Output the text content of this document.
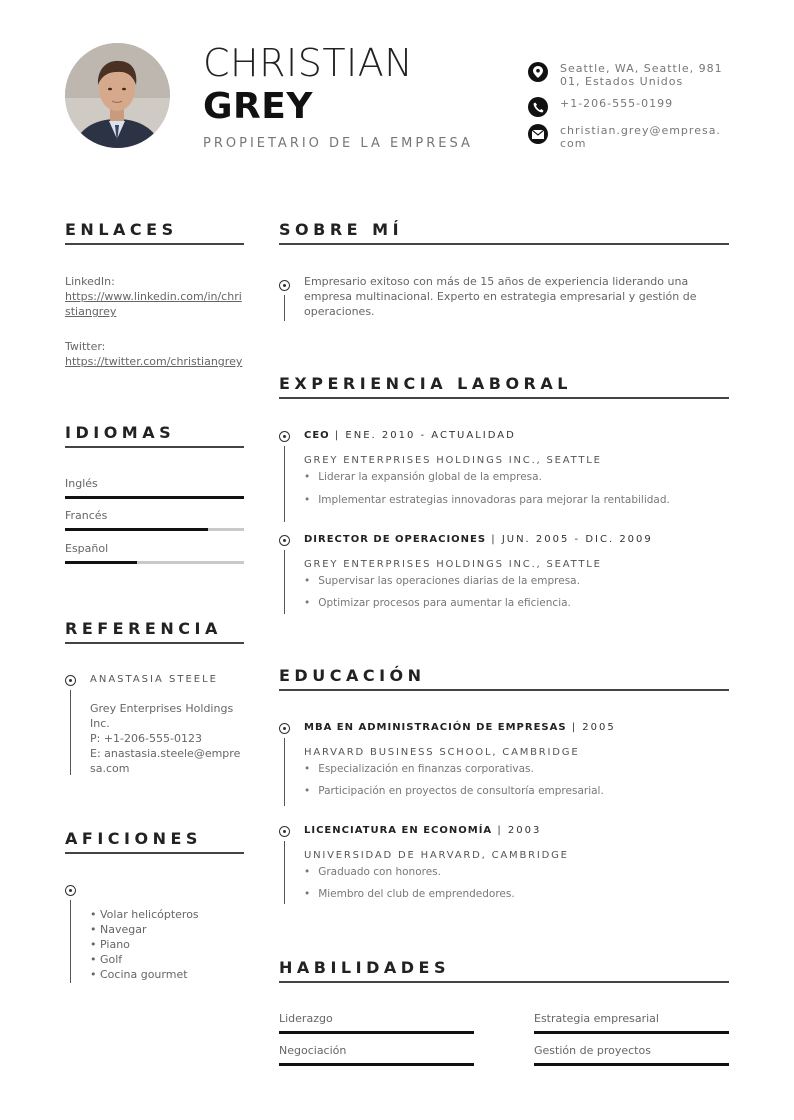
CHRISTIAN
GREY
PROPIETARIO DE LA EMPRESA
Seattle, WA, Seattle, 98101, Estados Unidos
+1-206-555-0199
christian.grey@empresa.com
ENLACES
LinkedIn:
https://www.linkedin.com/in/christiangrey
Twitter:
https://twitter.com/christiangrey
IDIOMAS
Inglés
Francés
Español
REFERENCIA
ANASTASIA STEELE
Grey Enterprises Holdings Inc.
P: +1-206-555-0123
E: anastasia.steele@empresa.com
AFICIONES
• Volar helicópteros
• Navegar
• Piano
• Golf
• Cocina gourmet
SOBRE MÍ
Empresario exitoso con más de 15 años de experiencia liderando una empresa multinacional. Experto en estrategia empresarial y gestión de operaciones.
EXPERIENCIA LABORAL
CEO | ENE. 2010 - ACTUALIDAD
GREY ENTERPRISES HOLDINGS INC., SEATTLE
• Liderar la expansión global de la empresa.
• Implementar estrategias innovadoras para mejorar la rentabilidad.
DIRECTOR DE OPERACIONES | JUN. 2005 - DIC. 2009
GREY ENTERPRISES HOLDINGS INC., SEATTLE
• Supervisar las operaciones diarias de la empresa.
• Optimizar procesos para aumentar la eficiencia.
EDUCACIÓN
MBA EN ADMINISTRACIÓN DE EMPRESAS | 2005
HARVARD BUSINESS SCHOOL, CAMBRIDGE
• Especialización en finanzas corporativas.
• Participación en proyectos de consultoría empresarial.
LICENCIATURA EN ECONOMÍA | 2003
UNIVERSIDAD DE HARVARD, CAMBRIDGE
• Graduado con honores.
• Miembro del club de emprendedores.
HABILIDADES
Liderazgo	Estrategia empresarial
Negociación	Gestión de proyectos
